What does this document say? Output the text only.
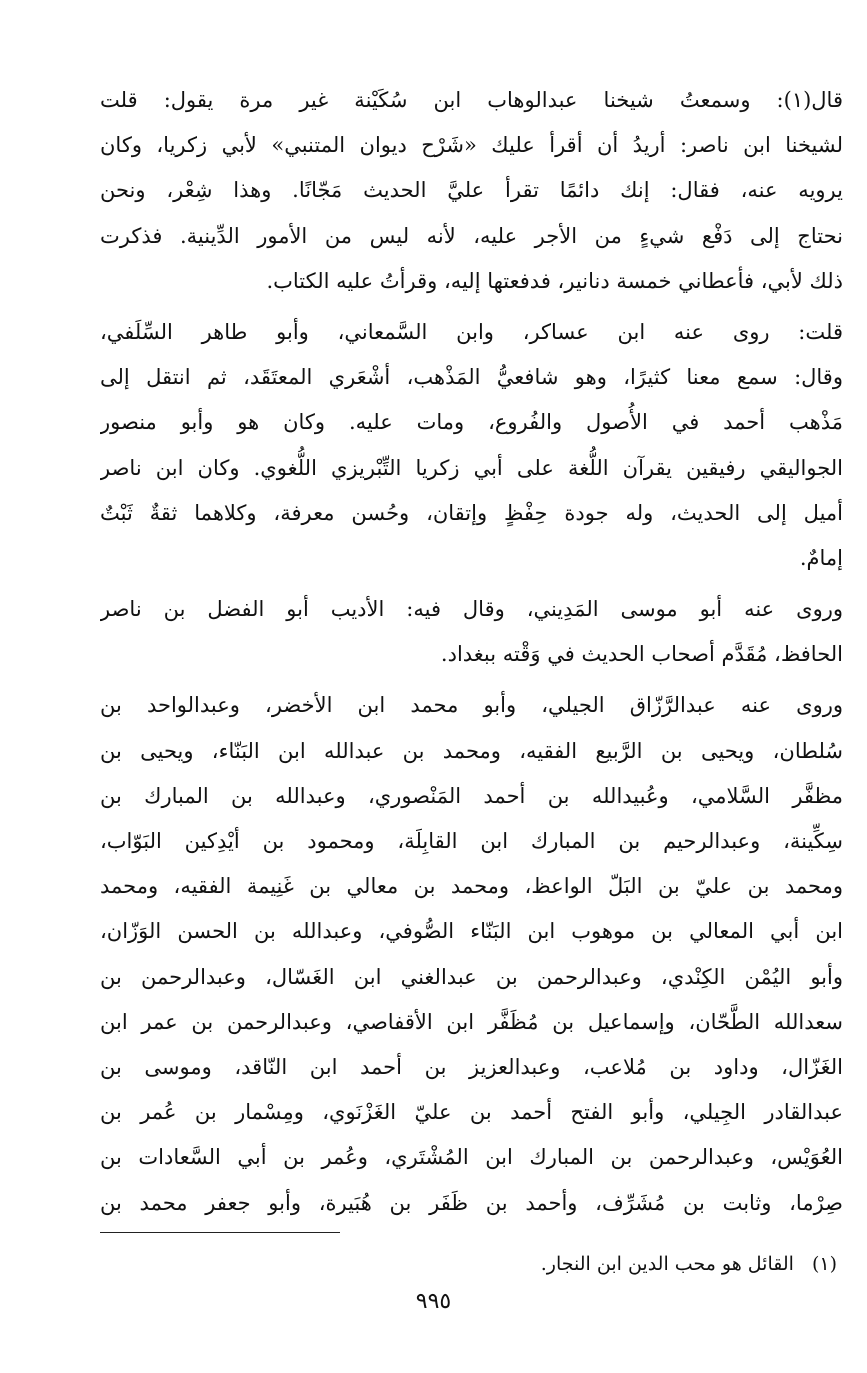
قال(١): وسمعتُ شيخنا عبدالوهاب ابن سُكَيْنة غير مرة يقول: قلت
لشيخنا ابن ناصر: أريدُ أن أقرأ عليك «شَرْح ديوان المتنبي» لأبي زكريا، وكان
يرويه عنه، فقال: إنك دائمًا تقرأ عليَّ الحديث مَجّانًا. وهذا شِعْر، ونحن
نحتاج إلى دَفْع شيءٍ من الأجر عليه، لأنه ليس من الأمور الدِّينية. فذكرت
ذلك لأبي، فأعطاني خمسة دنانير، فدفعتها إليه، وقرأتُ عليه الكتاب.
قلت: روى عنه ابن عساكر، وابن السَّمعاني، وأبو طاهر السِّلَفي،
وقال: سمع معنا كثيرًا، وهو شافعيُّ المَذْهب، أشْعَري المعتَقَد، ثم انتقل إلى
مَذْهب أحمد في الأُصول والفُروع، ومات عليه. وكان هو وأبو منصور
الجواليقي رفيقين يقرآن اللُّغة على أبي زكريا التِّبْريزي اللُّغوي. وكان ابن ناصر
أميل إلى الحديث، وله جودة حِفْظٍ وإتقان، وحُسن معرفة، وكلاهما ثقةٌ ثَبْتٌ
إمامٌ.
وروى عنه أبو موسى المَدِيني، وقال فيه: الأديب أبو الفضل بن ناصر
الحافظ، مُقَدَّم أصحاب الحديث في وَقْته ببغداد.
وروى عنه عبدالرَّزّاق الجيلي، وأبو محمد ابن الأخضر، وعبدالواحد بن
سُلطان، ويحيى بن الرَّبيع الفقيه، ومحمد بن عبدالله ابن البَنّاء، ويحيى بن
مظفَّر السَّلامي، وعُبيدالله بن أحمد المَنْصوري، وعبدالله بن المبارك بن
سِكِّينة، وعبدالرحيم بن المبارك ابن القابِلَة، ومحمود بن أيْدِكين البَوّاب،
ومحمد بن عليّ بن البَلّ الواعظ، ومحمد بن معالي بن غَنِيمة الفقيه، ومحمد
ابن أبي المعالي بن موهوب ابن البَنّاء الصُّوفي، وعبدالله بن الحسن الوَزّان،
وأبو اليُمْن الكِنْدي، وعبدالرحمن بن عبدالغني ابن الغَسّال، وعبدالرحمن بن
سعدالله الطَّحّان، وإسماعيل بن مُظَفَّر ابن الأقفاصي، وعبدالرحمن بن عمر ابن
الغَزّال، وداود بن مُلاعب، وعبدالعزيز بن أحمد ابن النّاقد، وموسى بن
عبدالقادر الجِيلي، وأبو الفتح أحمد بن عليّ الغَزْنَوي، ومِسْمار بن عُمر بن
العُوَيْس، وعبدالرحمن بن المبارك ابن المُشْتَري، وعُمر بن أبي السَّعادات بن
صِرْما، وثابت بن مُشَرِّف، وأحمد بن ظَفَر بن هُبَيرة، وأبو جعفر محمد بن
(١)القائل هو محب الدين ابن النجار.
٩٩٥
